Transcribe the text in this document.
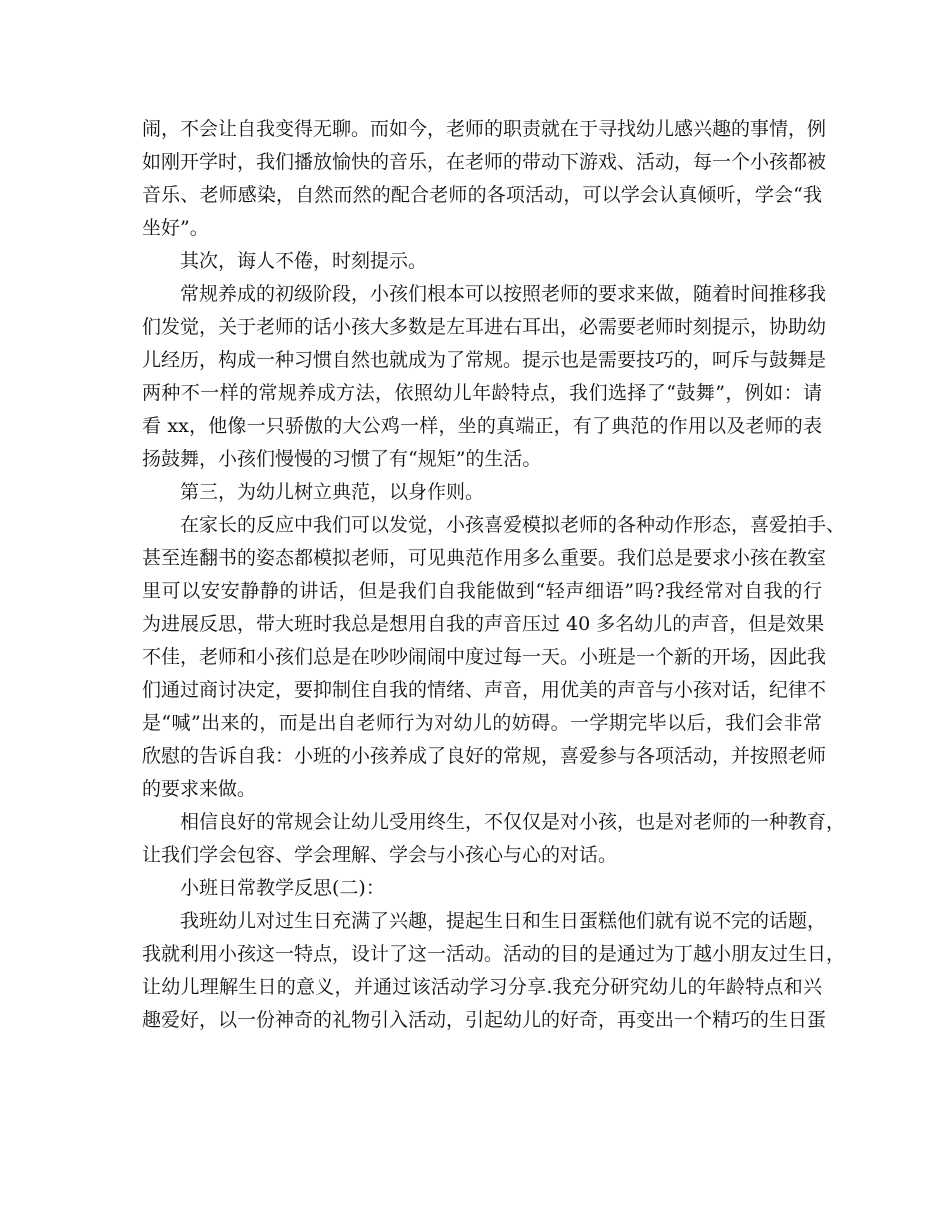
闹，不会让自我变得无聊。而如今，老师的职责就在于寻找幼儿感兴趣的事情，例
如刚开学时，我们播放愉快的音乐，在老师的带动下游戏、活动，每一个小孩都被
音乐、老师感染，自然而然的配合老师的各项活动，可以学会认真倾听，学会“我
坐好”。
其次，诲人不倦，时刻提示。
常规养成的初级阶段，小孩们根本可以按照老师的要求来做，随着时间推移我
们发觉，关于老师的话小孩大多数是左耳进右耳出，必需要老师时刻提示，协助幼
儿经历，构成一种习惯自然也就成为了常规。提示也是需要技巧的，呵斥与鼓舞是
两种不一样的常规养成方法，依照幼儿年龄特点，我们选择了“鼓舞”，例如：请
看 xx，他像一只骄傲的大公鸡一样，坐的真端正，有了典范的作用以及老师的表
扬鼓舞，小孩们慢慢的习惯了有“规矩”的生活。
第三，为幼儿树立典范，以身作则。
在家长的反应中我们可以发觉，小孩喜爱模拟老师的各种动作形态，喜爱拍手、
甚至连翻书的姿态都模拟老师，可见典范作用多么重要。我们总是要求小孩在教室
里可以安安静静的讲话，但是我们自我能做到“轻声细语”吗?我经常对自我的行
为进展反思，带大班时我总是想用自我的声音压过 40 多名幼儿的声音，但是效果
不佳，老师和小孩们总是在吵吵闹闹中度过每一天。小班是一个新的开场，因此我
们通过商讨决定，要抑制住自我的情绪、声音，用优美的声音与小孩对话，纪律不
是“喊”出来的，而是出自老师行为对幼儿的妨碍。一学期完毕以后，我们会非常
欣慰的告诉自我：小班的小孩养成了良好的常规，喜爱参与各项活动，并按照老师
的要求来做。
相信良好的常规会让幼儿受用终生，不仅仅是对小孩，也是对老师的一种教育，
让我们学会包容、学会理解、学会与小孩心与心的对话。
小班日常教学反思(二)：
我班幼儿对过生日充满了兴趣，提起生日和生日蛋糕他们就有说不完的话题，
我就利用小孩这一特点，设计了这一活动。活动的目的是通过为丁越小朋友过生日，
让幼儿理解生日的意义，并通过该活动学习分享.我充分研究幼儿的年龄特点和兴
趣爱好，以一份神奇的礼物引入活动，引起幼儿的好奇，再变出一个精巧的生日蛋
